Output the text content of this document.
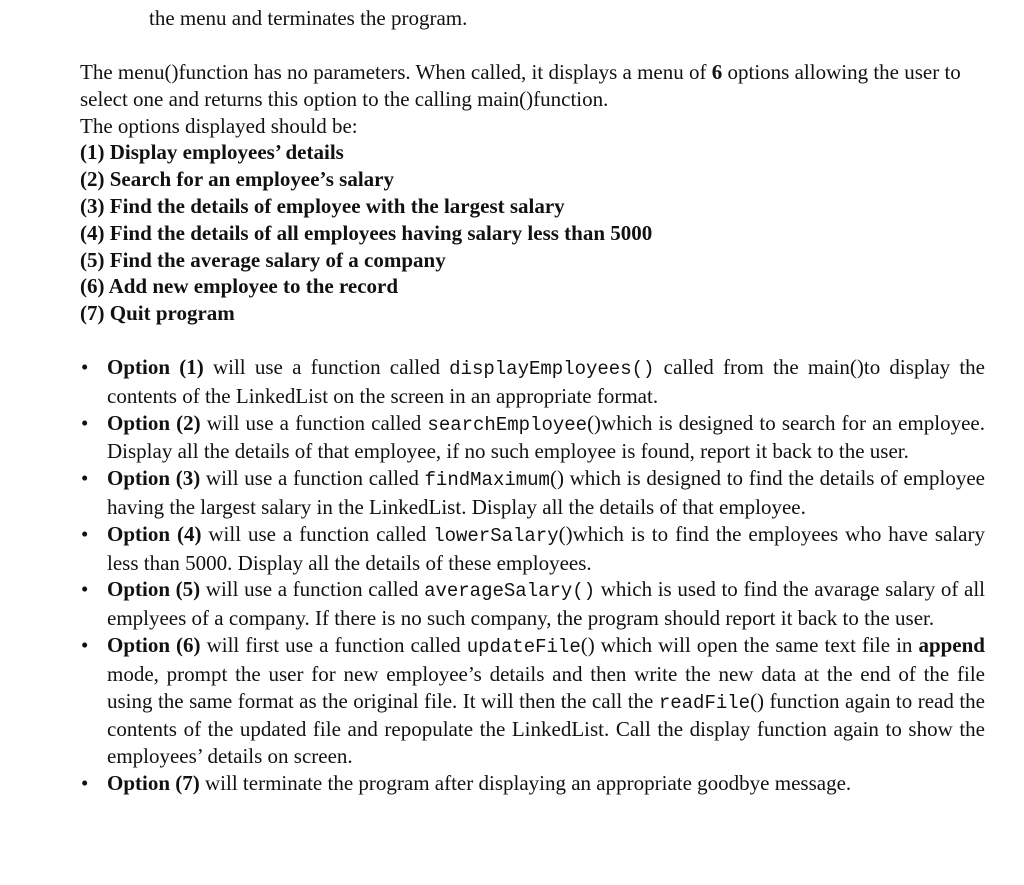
the menu and terminates the program.

The menu()function has no parameters. When called, it displays a menu of 6 options allowing the user to select one and returns this option to the calling main()function.

The options displayed should be:

(1) Display employees’ details
(2) Search for an employee’s salary
(3) Find the details of employee with the largest salary
(4) Find the details of all employees having salary less than 5000
(5) Find the average salary of a company
(6) Add new employee to the record
(7) Quit program
• Option (1) will use a function called displayEmployees() called from the main()to display the contents of the LinkedList on the screen in an appropriate format.
• Option (2) will use a function called searchEmployee()which is designed to search for an employee. Display all the details of that employee, if no such employee is found, report it back to the user.
• Option (3) will use a function called findMaximum() which is designed to find the details of employee having the largest salary in the LinkedList. Display all the details of that employee.
• Option (4) will use a function called lowerSalary()which is to find the employees who have salary less than 5000. Display all the details of these employees.
• Option (5) will use a function called averageSalary() which is used to find the avarage salary of all emplyees of a company. If there is no such company, the program should report it back to the user.
• Option (6) will first use a function called updateFile() which will open the same text file in append mode, prompt the user for new employee’s details and then write the new data at the end of the file using the same format as the original file. It will then the call the readFile() function again to read the contents of the updated file and repopulate the LinkedList. Call the display function again to show the employees’ details on screen.
• Option (7) will terminate the program after displaying an appropriate goodbye message.
